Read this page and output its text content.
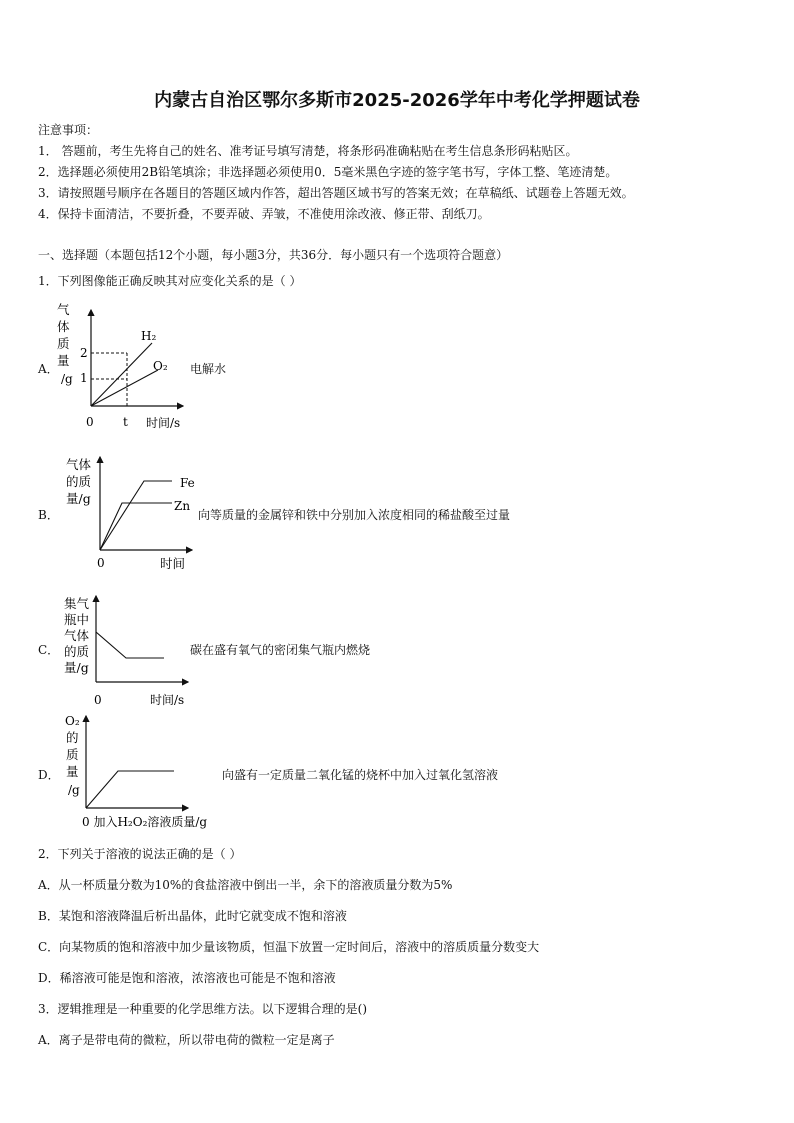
内蒙古自治区鄂尔多斯市2025-2026学年中考化学押题试卷
注意事项：
1． 答题前，考生先将自己的姓名、准考证号填写清楚，将条形码准确粘贴在考生信息条形码粘贴区。
2．选择题必须使用2B铅笔填涂；非选择题必须使用0．5毫米黑色字迹的签字笔书写，字体工整、笔迹清楚。
3．请按照题号顺序在各题目的答题区域内作答，超出答题区域书写的答案无效；在草稿纸、试题卷上答题无效。
4．保持卡面清洁，不要折叠，不要弄破、弄皱，不准使用涂改液、修正带、刮纸刀。
一、选择题（本题包括12个小题，每小题3分，共36分．每小题只有一个选项符合题意）
1．下列图像能正确反映其对应变化关系的是（ ）
A．
气
体
质
量
/g
2
1
0 t 时间/s
H₂
O₂ 电解水
B．
气体
的质
量/g
Fe
Zn
0	时间
向等质量的金属锌和铁中分别加入浓度相同的稀盐酸至过量
C．
集气
瓶中
气体
的质
量/g
0	时间/s
碳在盛有氧气的密闭集气瓶内燃烧
D．
O₂
的
质
量
/g
0 加入H₂O₂溶液质量/g
向盛有一定质量二氧化锰的烧杯中加入过氧化氢溶液
2．下列关于溶液的说法正确的是（ ）
A．从一杯质量分数为10%的食盐溶液中倒出一半，余下的溶液质量分数为5%
B．某饱和溶液降温后析出晶体，此时它就变成不饱和溶液
C．向某物质的饱和溶液中加少量该物质，恒温下放置一定时间后，溶液中的溶质质量分数变大
D．稀溶液可能是饱和溶液，浓溶液也可能是不饱和溶液
3．逻辑推理是一种重要的化学思维方法。以下逻辑合理的是()
A．离子是带电荷的微粒，所以带电荷的微粒一定是离子
